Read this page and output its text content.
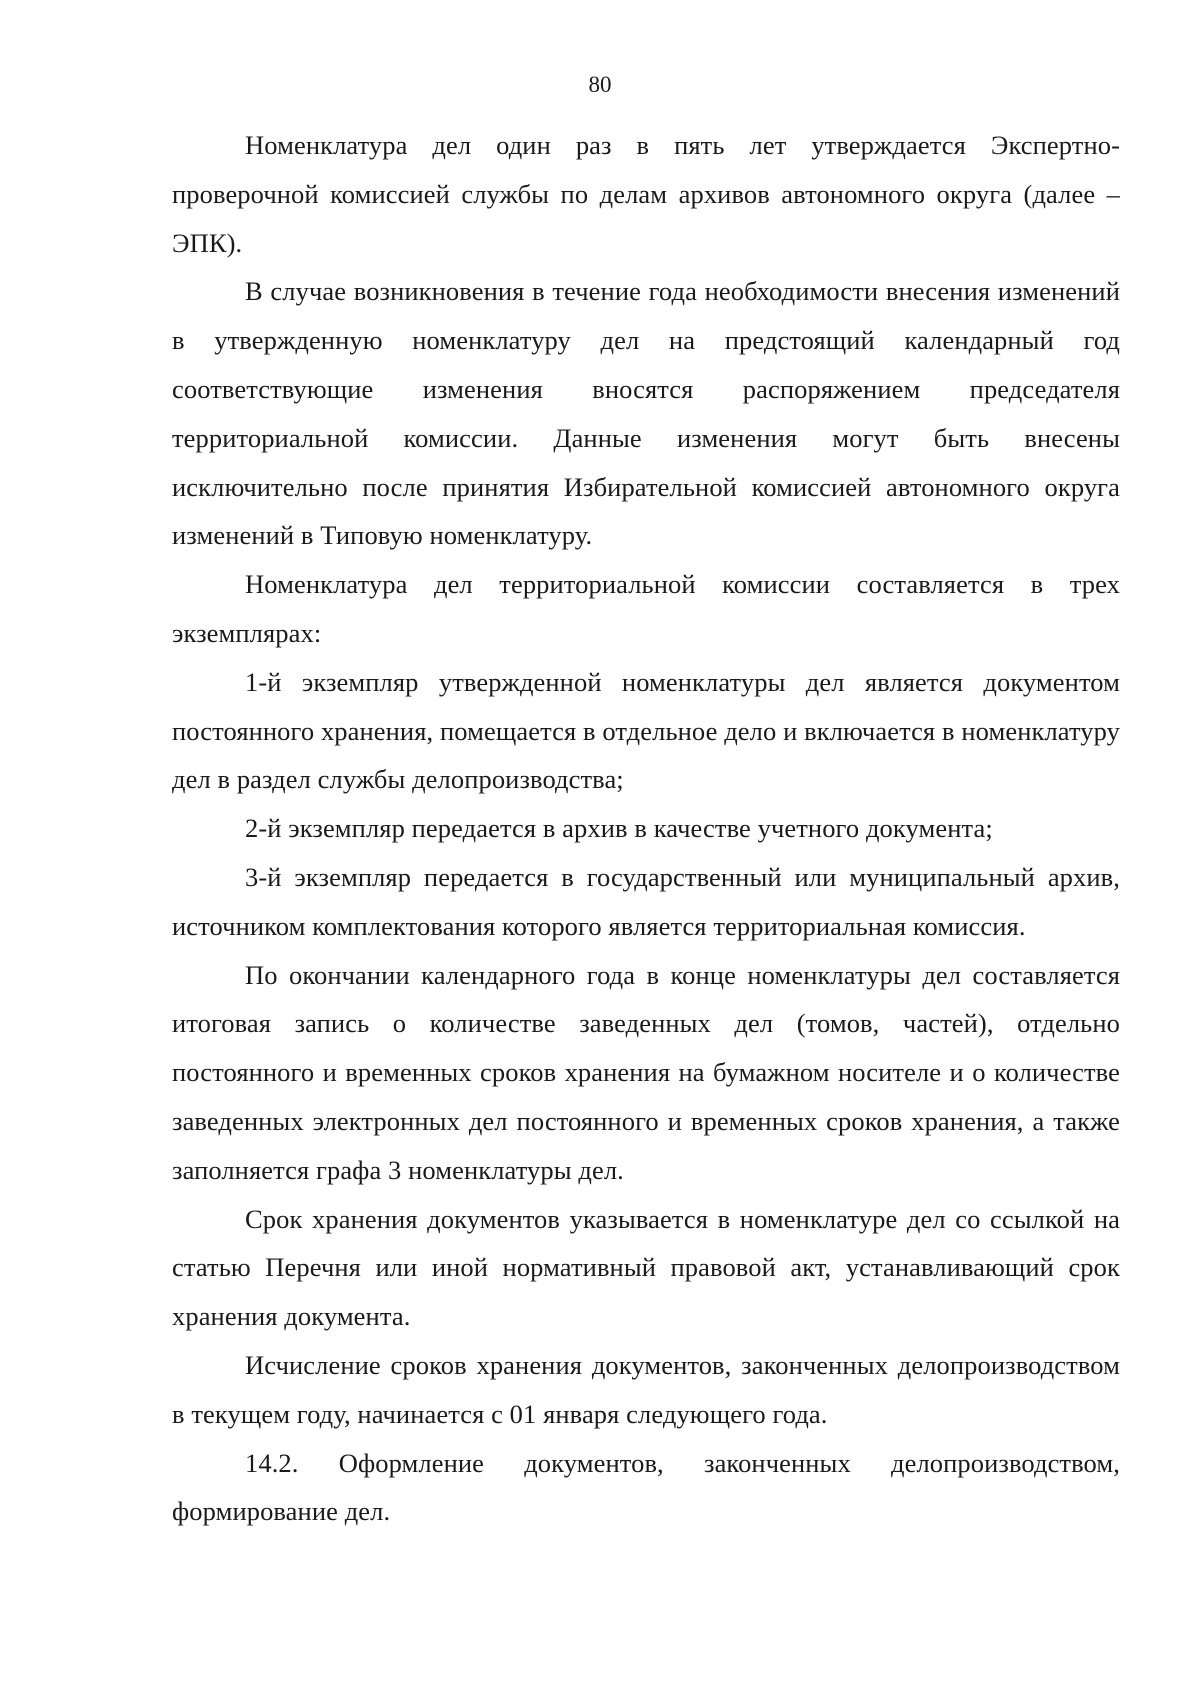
80

Номенклатура дел один раз в пять лет утверждается Экспертно-проверочной комиссией службы по делам архивов автономного округа (далее – ЭПК).

В случае возникновения в течение года необходимости внесения изменений в утвержденную номенклатуру дел на предстоящий календарный год соответствующие изменения вносятся распоряжением председателя территориальной комиссии. Данные изменения могут быть внесены исключительно после принятия Избирательной комиссией автономного округа изменений в Типовую номенклатуру.

Номенклатура дел территориальной комиссии составляется в трех экземплярах:

1-й экземпляр утвержденной номенклатуры дел является документом постоянного хранения, помещается в отдельное дело и включается в номенклатуру дел в раздел службы делопроизводства;

2-й экземпляр передается в архив в качестве учетного документа;

3-й экземпляр передается в государственный или муниципальный архив, источником комплектования которого является территориальная комиссия.

По окончании календарного года в конце номенклатуры дел составляется итоговая запись о количестве заведенных дел (томов, частей), отдельно постоянного и временных сроков хранения на бумажном носителе и о количестве заведенных электронных дел постоянного и временных сроков хранения, а также заполняется графа 3 номенклатуры дел.

Срок хранения документов указывается в номенклатуре дел со ссылкой на статью Перечня или иной нормативный правовой акт, устанавливающий срок хранения документа.

Исчисление сроков хранения документов, законченных делопроизводством в текущем году, начинается с 01 января следующего года.

14.2. Оформление документов, законченных делопроизводством, формирование дел.
